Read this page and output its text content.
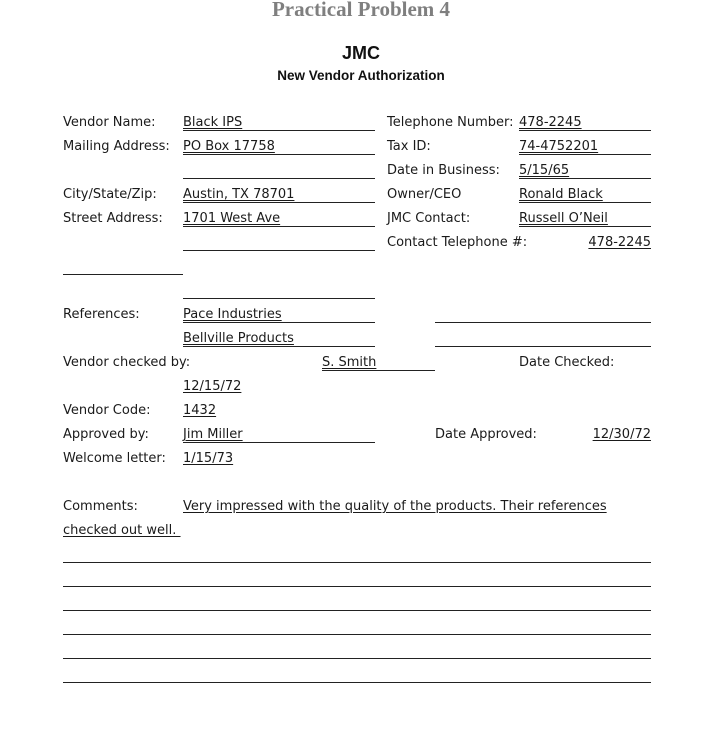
Practical Problem 4
JMC
New Vendor Authorization
Vendor Name: Black IPS
Mailing Address: PO Box 17758
City/State/Zip: Austin, TX 78701
Street Address: 1701 West Ave
Telephone Number: 478-2245
Tax ID:	74-4752201
Date in Business: 5/15/65
Owner/CEO	Ronald Black
JMC Contact:	Russell O’Neil
Contact Telephone #:	478-2245
References:	Pace Industries
Bellville Products
Vendor checked by:	S. Smith	Date Checked:
12/15/72
Vendor Code:	1432
Approved by:	Jim Miller	Date Approved:	12/30/72
Welcome letter: 1/15/73
Comments:	Very impressed with the quality of the products. Their references
checked out well.
